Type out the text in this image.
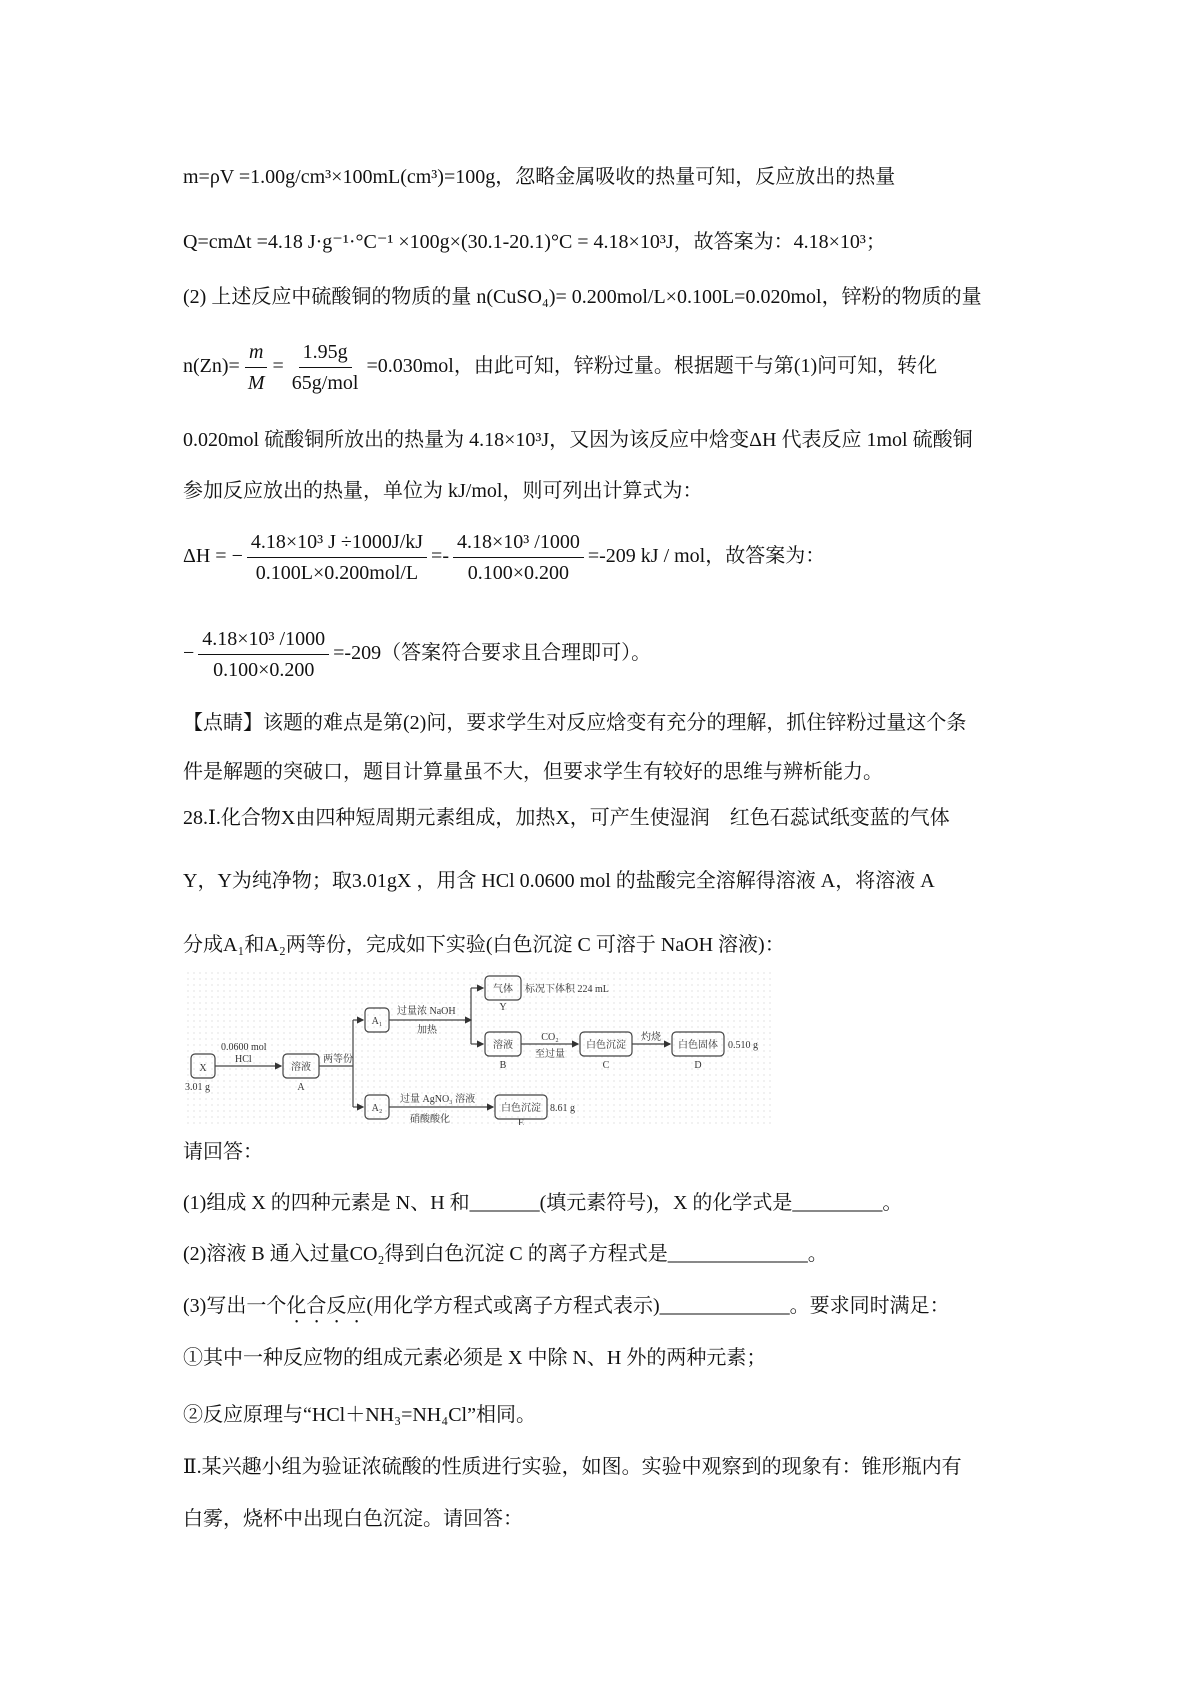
m=ρV =1.00g/cm³×100mL(cm³)=100g，忽略金属吸收的热量可知，反应放出的热量
Q=cmΔt =4.18 J·g⁻¹·°C⁻¹ ×100g×(30.1-20.1)°C = 4.18×10³J，故答案为：4.18×10³；
(2) 上述反应中硫酸铜的物质的量 n(CuSO₄)= 0.200mol/L×0.100L=0.020mol，锌粉的物质的量
$n(Zn)= \frac{m}{M} = \frac{1.95g}{\text{65g/mol}} =0.030mol$，由此可知，锌粉过量。根据题干与第(1)问可知，转化
0.020mol 硫酸铜所放出的热量为 4.18×10³J，又因为该反应中焓变ΔH 代表反应 1mol 硫酸铜
参加反应放出的热量，单位为 kJ/mol，则可列出计算式为：
ΔH = − $\frac{\text{4.18×10³ J ÷1000J/kJ}}{\text{0.100L×0.200mol/L}} =- \frac{\text{4.18×10³ /1000}}{0.100\times 0.200} =-209$ kJ / mol，故答案为：
− $\frac{\text{4.18×10³ /1000}}{0.100\times 0.200} =-209$（答案符合要求且合理即可）。
【点睛】该题的难点是第(2)问，要求学生对反应焓变有充分的理解，抓住锌粉过量这个条
件是解题的突破口，题目计算量虽不大，但要求学生有较好的思维与辨析能力。
28.Ⅰ.化合物X由四种短周期元素组成，加热X，可产生使湿润　红色石蕊试纸变蓝的气体
Y，Y为纯净物；取3.01gX ，用含 HCl 0.0600 mol 的盐酸完全溶解得溶液 A，将溶液 A
分成A₁和A₂两等份，完成如下实验(白色沉淀 C 可溶于 NaOH 溶液)：
X
3.01 g
0.0600 mol
HCl
溶液
A
两等份
A₁
A₂
过量浓 NaOH
加热
气体 标况下体积 224 mL
Y
溶液
B
CO₂
至过量
白色沉淀
C
灼烧
白色固体 0.510 g
D
过量 AgNO₃ 溶液
硝酸酸化
白色沉淀 8.61 g
E
请回答：
(1)组成 X 的四种元素是 N、H 和_______(填元素符号)，X 的化学式是_________。
(2)溶液 B 通入过量CO₂得到白色沉淀 C 的离子方程式是______________。
(3)写出一个化合反应(用化学方程式或离子方程式表示)_____________。要求同时满足：
①其中一种反应物的组成元素必须是 X 中除 N、H 外的两种元素；
②反应原理与“HCl＋NH₃=NH₄Cl”相同。
Ⅱ.某兴趣小组为验证浓硫酸的性质进行实验，如图。实验中观察到的现象有：锥形瓶内有
白雾，烧杯中出现白色沉淀。请回答：
